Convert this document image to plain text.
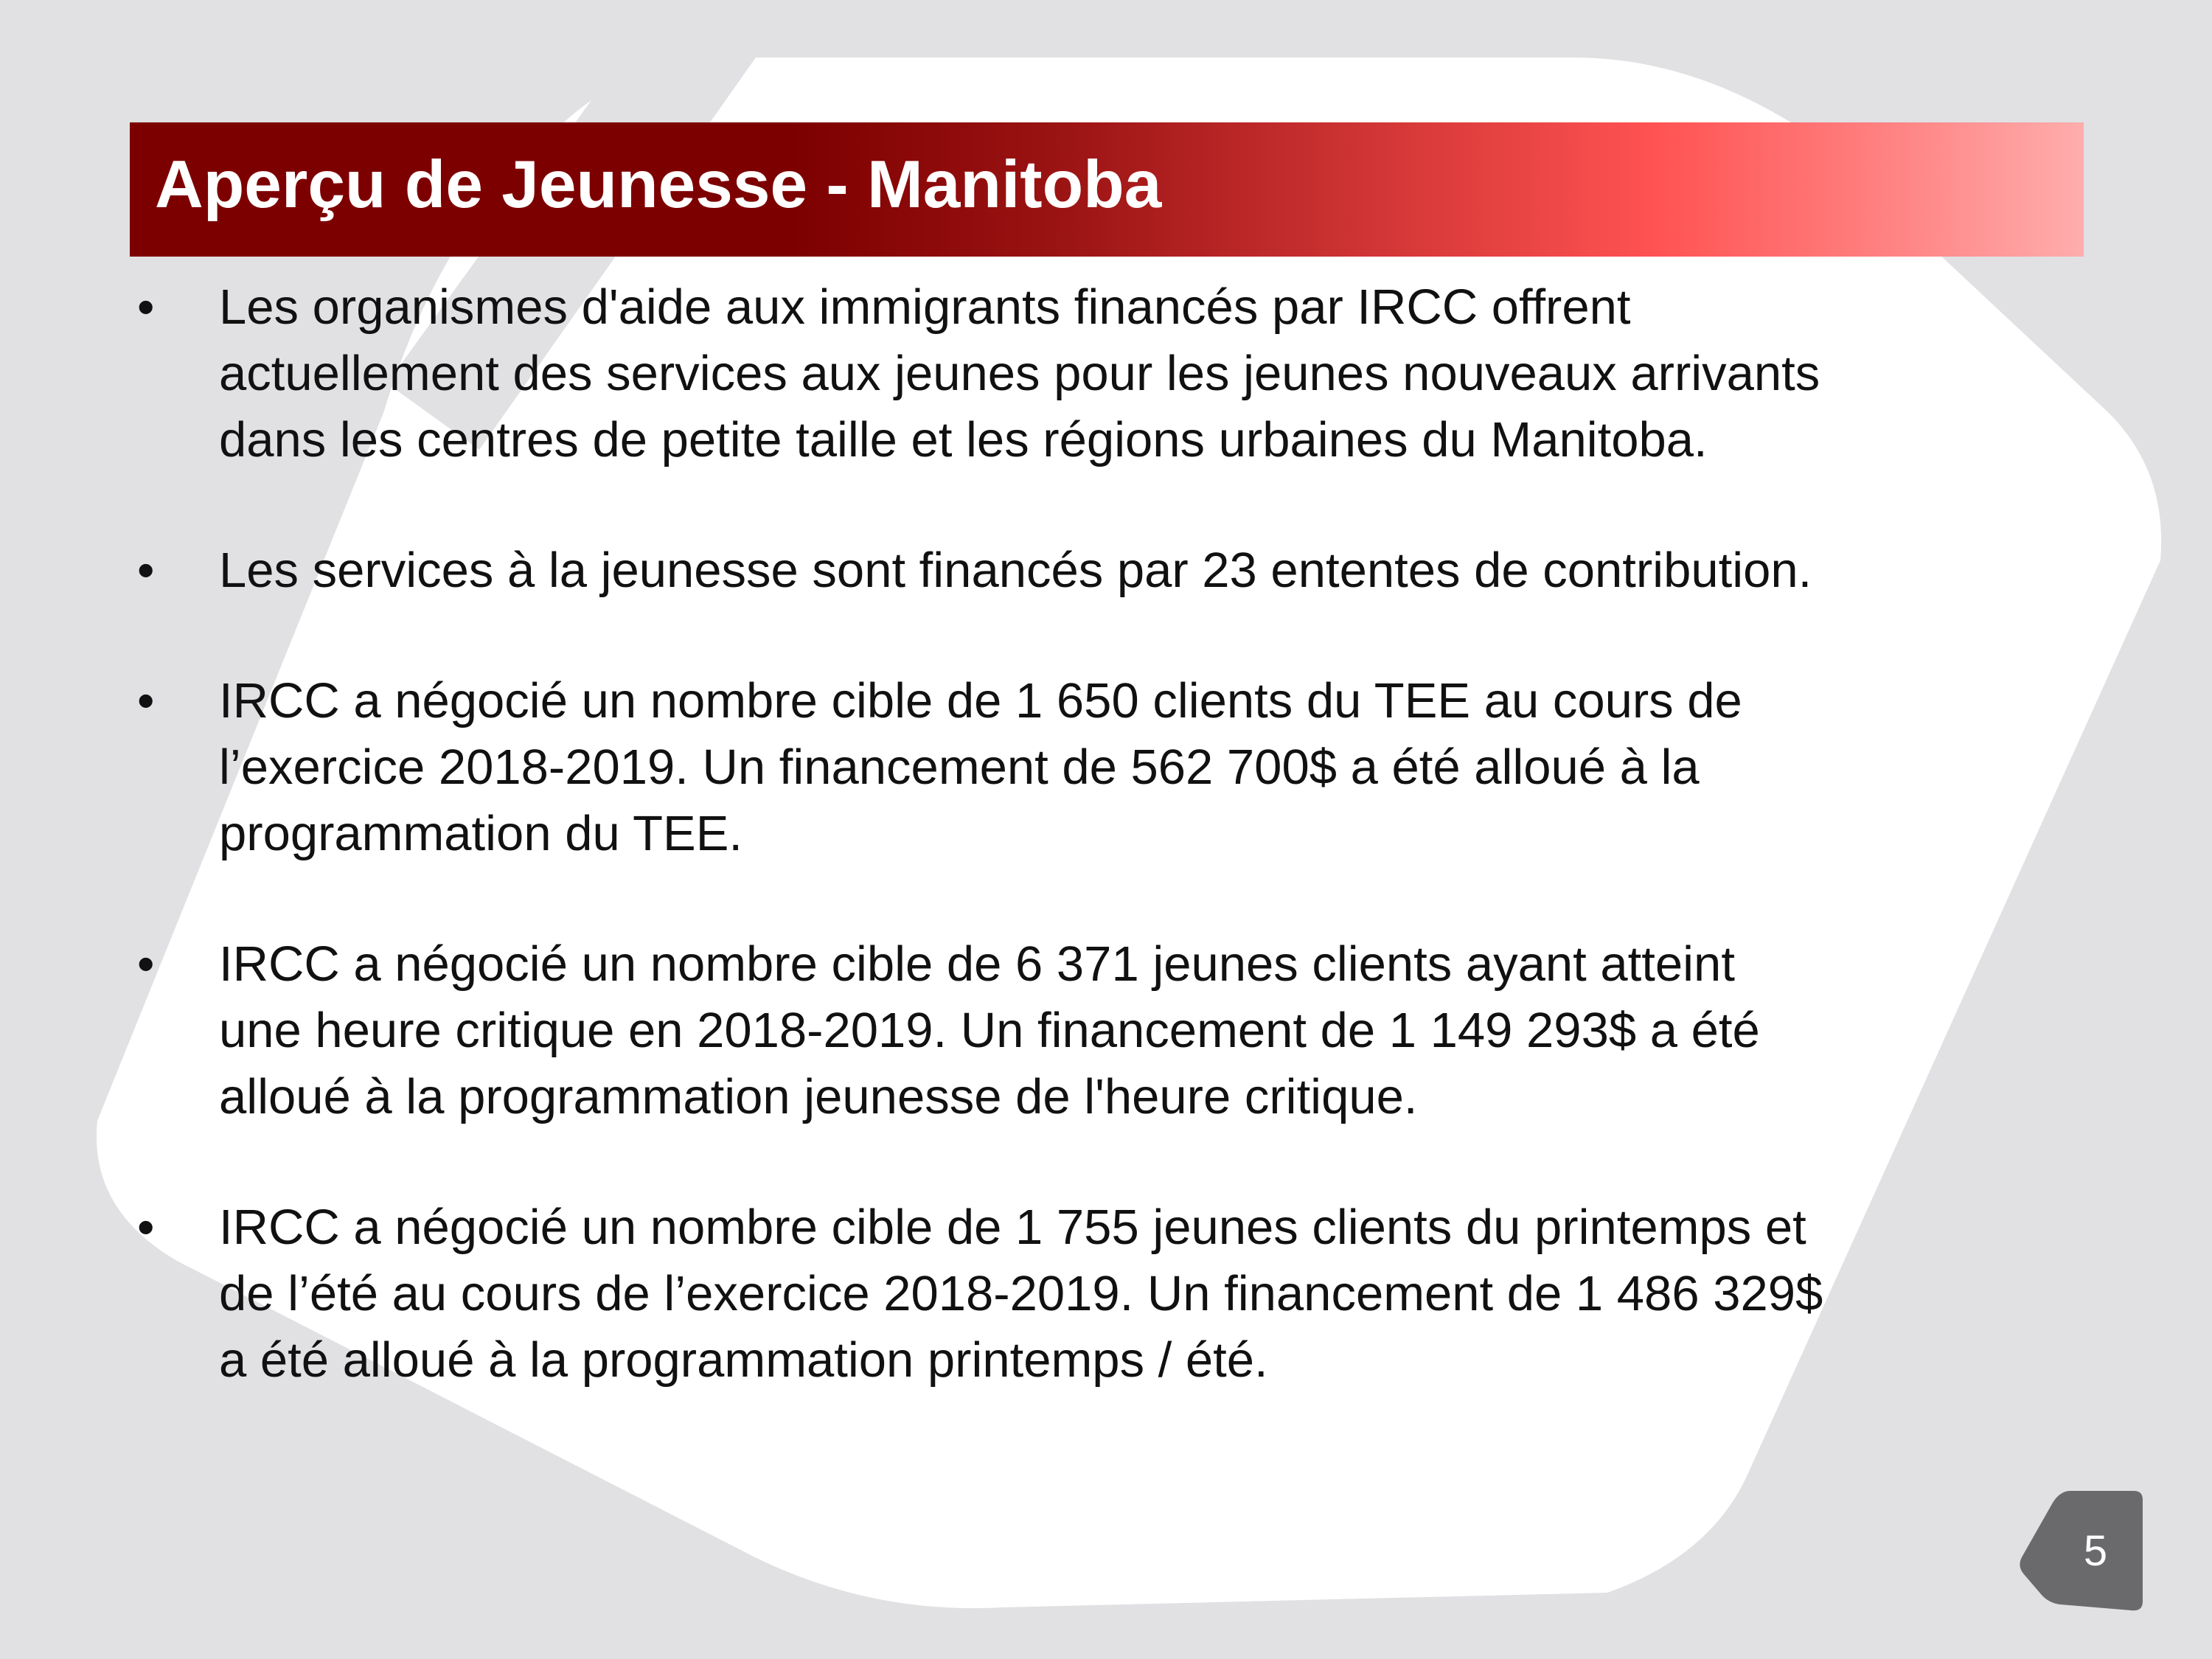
Aperçu de Jeunesse - Manitoba
•	Les organismes d'aide aux immigrants financés par IRCC offrent
actuellement des services aux jeunes pour les jeunes nouveaux arrivants
dans les centres de petite taille et les régions urbaines du Manitoba.
•	Les services à la jeunesse sont financés par 23 ententes de contribution.
•	IRCC a négocié un nombre cible de 1 650 clients du TEE au cours de
l’exercice 2018-2019. Un financement de 562 700$ a été alloué à la
programmation du TEE.
•	IRCC a négocié un nombre cible de 6 371 jeunes clients ayant atteint
une heure critique en 2018-2019. Un financement de 1 149 293$ a été
alloué à la programmation jeunesse de l'heure critique.
•	IRCC a négocié un nombre cible de 1 755 jeunes clients du printemps et
de l’été au cours de l’exercice 2018-2019. Un financement de 1 486 329$
a été alloué à la programmation printemps / été.
5
